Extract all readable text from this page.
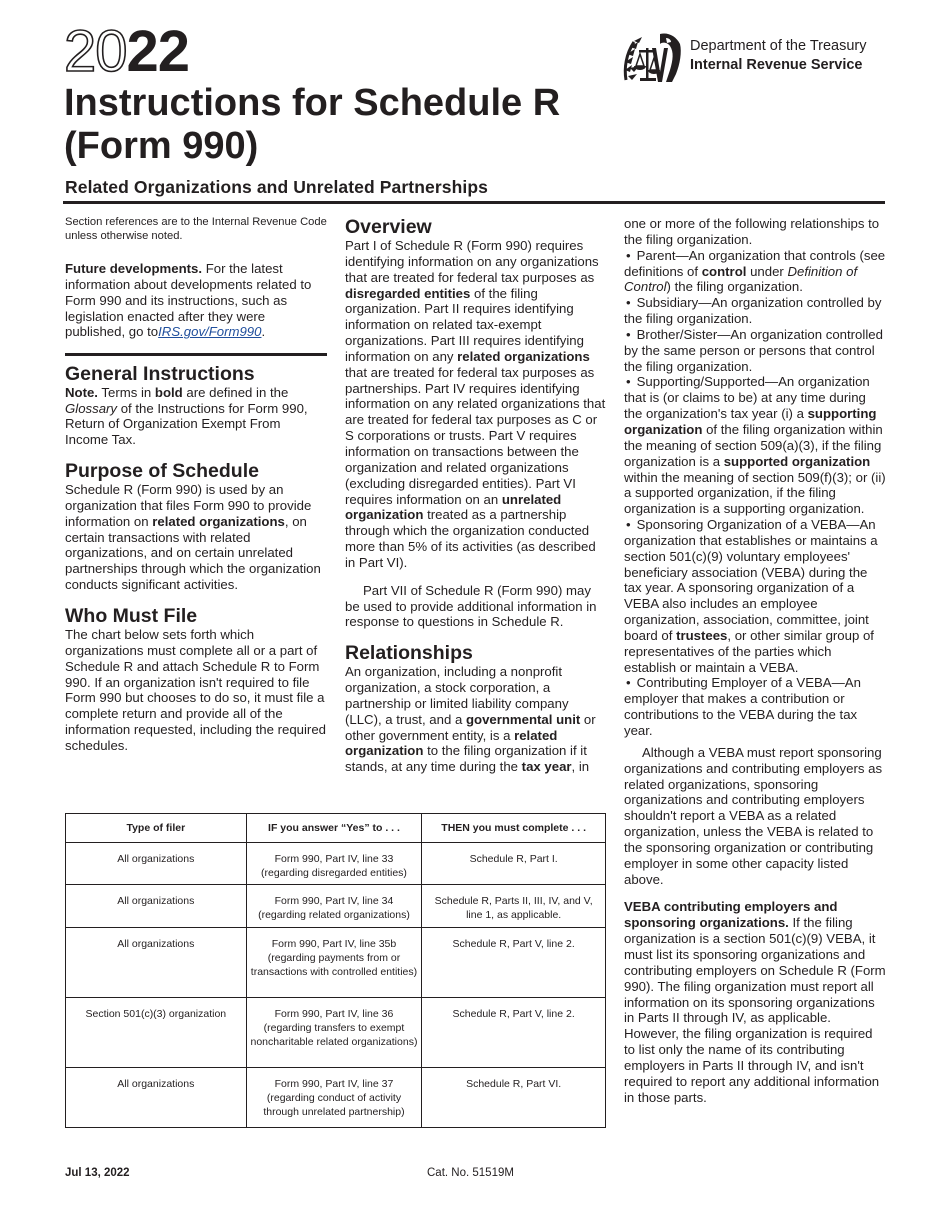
2022
Instructions for Schedule R
(Form 990)
Related Organizations and Unrelated Partnerships
Department of the Treasury
Internal Revenue Service

Section references are to the Internal Revenue Code unless otherwise noted.

Future developments. For the latest information about developments related to Form 990 and its instructions, such as legislation enacted after they were published, go toIRS.gov/Form990.

General Instructions

Note. Terms in bold are defined in the Glossary of the Instructions for Form 990, Return of Organization Exempt From Income Tax.

Purpose of Schedule

Schedule R (Form 990) is used by an organization that files Form 990 to provide information on related organizations, on certain transactions with related organizations, and on certain unrelated partnerships through which the organization conducts significant activities.

Who Must File

The chart below sets forth which organizations must complete all or a part of Schedule R and attach Schedule R to Form 990. If an organization isn't required to file Form 990 but chooses to do so, it must file a complete return and provide all of the information requested, including the required schedules.

Overview

Part I of Schedule R (Form 990) requires identifying information on any organizations that are treated for federal tax purposes as disregarded entities of the filing organization. Part II requires identifying information on related tax-exempt organizations. Part III requires identifying information on any related organizations that are treated for federal tax purposes as partnerships. Part IV requires identifying information on any related organizations that are treated for federal tax purposes as C or S corporations or trusts. Part V requires information on transactions between the organization and related organizations (excluding disregarded entities). Part VI requires information on an unrelated organization treated as a partnership through which the organization conducted more than 5% of its activities (as described in Part VI).

Part VII of Schedule R (Form 990) may be used to provide additional information in response to questions in Schedule R.

Relationships

An organization, including a nonprofit organization, a stock corporation, a partnership or limited liability company (LLC), a trust, and a governmental unit or other government entity, is a related organization to the filing organization if it stands, at any time during the tax year, in

one or more of the following relationships to the filing organization.

• Parent—An organization that controls (see definitions of control under Definition of Control) the filing organization.

• Subsidiary—An organization controlled by the filing organization.

• Brother/Sister—An organization controlled by the same person or persons that control the filing organization.

• Supporting/Supported—An organization that is (or claims to be) at any time during the organization's tax year (i) a supporting organization of the filing organization within the meaning of section 509(a)(3), if the filing organization is a supported organization within the meaning of section 509(f)(3); or (ii) a supported organization, if the filing organization is a supporting organization.

• Sponsoring Organization of a VEBA—An organization that establishes or maintains a section 501(c)(9) voluntary employees' beneficiary association (VEBA) during the tax year. A sponsoring organization of a VEBA also includes an employee organization, association, committee, joint board of trustees, or other similar group of representatives of the parties which establish or maintain a VEBA.

• Contributing Employer of a VEBA—An employer that makes a contribution or contributions to the VEBA during the tax year.

Although a VEBA must report sponsoring organizations and contributing employers as related organizations, sponsoring organizations and contributing employers shouldn't report a VEBA as a related organization, unless the VEBA is related to the sponsoring organization or contributing employer in some other capacity listed above.

VEBA contributing employers and sponsoring organizations. If the filing organization is a section 501(c)(9) VEBA, it must list its sponsoring organizations and contributing employers on Schedule R (Form 990). The filing organization must report all information on its sponsoring organizations in Parts II through IV, as applicable. However, the filing organization is required to list only the name of its contributing employers in Parts II through IV, and isn't required to report any additional information in those parts.

Type of filer	IF you answer “Yes” to . . .	THEN you must complete . . .
All organizations	Form 990, Part IV, line 33 (regarding disregarded entities)	Schedule R, Part I.
All organizations	Form 990, Part IV, line 34 (regarding related organizations)	Schedule R, Parts II, III, IV, and V, line 1, as applicable.
All organizations	Form 990, Part IV, line 35b (regarding payments from or transactions with controlled entities)	Schedule R, Part V, line 2.
Section 501(c)(3) organization	Form 990, Part IV, line 36 (regarding transfers to exempt noncharitable related organizations)	Schedule R, Part V, line 2.
All organizations	Form 990, Part IV, line 37 (regarding conduct of activity through unrelated partnership)	Schedule R, Part VI.
Jul 13, 2022	Cat. No. 51519M
